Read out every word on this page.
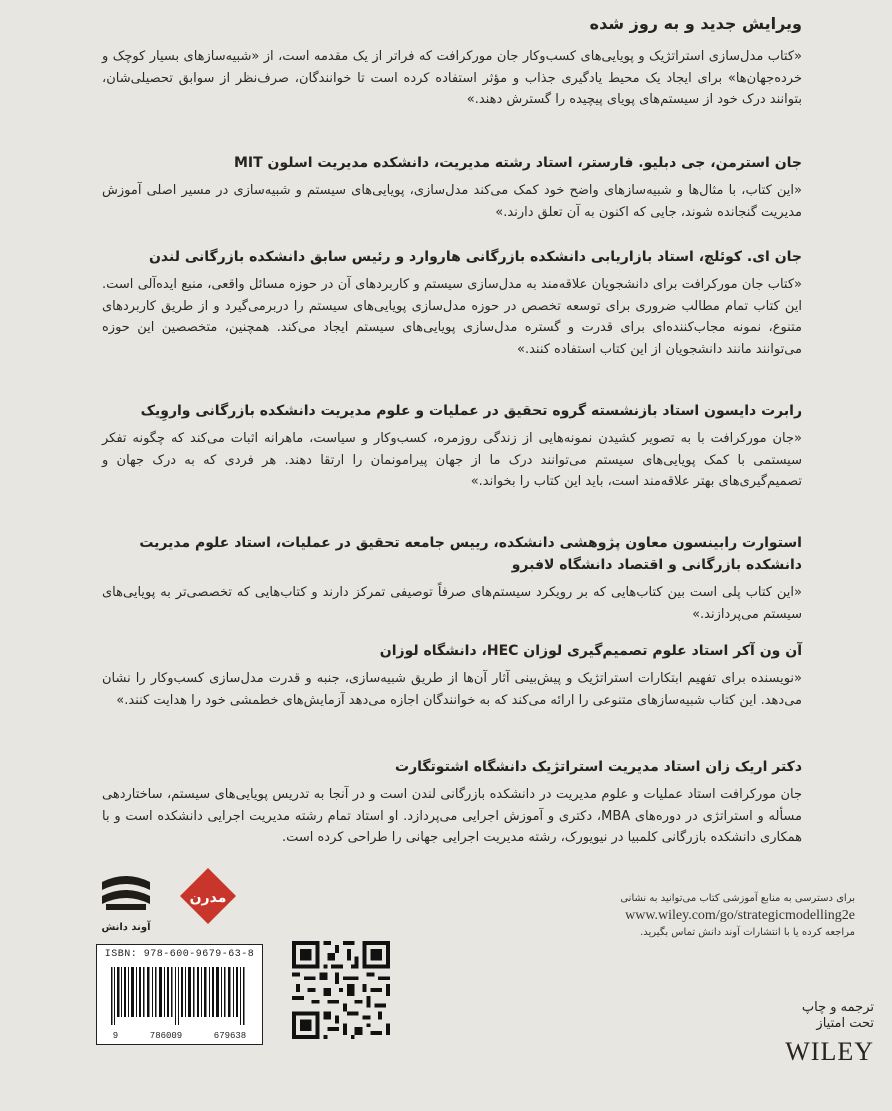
ویرایش جدید و به روز شده

«کتاب مدل‌سازی استراتژیک و پویایی‌های کسب‌وکار جان مورکرافت که فراتر از یک مقدمه است، از «شبیه‌سازهای بسیار کوچک و خرده‌جهان‌ها» برای ایجاد یک محیط یادگیری جذاب و مؤثر استفاده کرده است تا خوانندگان، صرف‌نظر از سوابق تحصیلی‌شان، بتوانند درک خود از سیستم‌های پویای پیچیده را گسترش دهند.»

جان استرمن، جی دبلیو. فارستر، استاد رشته مدیریت، دانشکده مدیریت اسلون MIT

«این کتاب، با مثال‌ها و شبیه‌سازهای واضح خود کمک می‌کند مدل‌سازی، پویایی‌های سیستم و شبیه‌سازی در مسیر اصلی آموزش مدیریت گنجانده شوند، جایی که اکنون به آن تعلق دارند.»

جان ای. کوئلچ، استاد بازاریابی دانشکده بازرگانی هاروارد و رئیس سابق دانشکده بازرگانی لندن

«کتاب جان مورکرافت برای دانشجویان علاقه‌مند به مدل‌سازی سیستم و کاربردهای آن در حوزه مسائل واقعی، منبع ایده‌آلی است. این کتاب تمام مطالب ضروری برای توسعه تخصص در حوزه مدل‌سازی پویایی‌های سیستم را دربرمی‌گیرد و از طریق کاربردهای متنوع، نمونه مجاب‌کننده‌ای برای قدرت و گستره مدل‌سازی پویایی‌های سیستم ایجاد می‌کند. همچنین، متخصصین این حوزه می‌توانند مانند دانشجویان از این کتاب استفاده کنند.»

رابرت دایسون استاد بازنشسته گروه تحقیق در عملیات و علوم مدیریت دانشکده بازرگانی واروِیک

«جان مورکرافت با به تصویر کشیدن نمونه‌هایی از زندگی روزمره، کسب‌وکار و سیاست، ماهرانه اثبات می‌کند که چگونه تفکر سیستمی با کمک پویایی‌های سیستم می‌توانند درک ما از جهان پیرامونمان را ارتقا دهند. هر فردی که به درک جهان و تصمیم‌گیری‌های بهتر علاقه‌مند است، باید این کتاب را بخواند.»

استوارت رابینسون معاون پژوهشی دانشکده، رییس جامعه تحقیق در عملیات، استاد علوم مدیریت دانشکده بازرگانی و اقتصاد دانشگاه لافبرو

«این کتاب پلی است بین کتاب‌هایی که بر رویکرد سیستم‌های صرفاً توصیفی تمرکز دارند و کتاب‌هایی که تخصصی‌تر به پویایی‌های سیستم می‌پردازند.»

آن ون آکر استاد علوم تصمیم‌گیری لوزان HEC، دانشگاه لوزان

«نویسنده برای تفهیم ابتکارات استراتژیک و پیش‌بینی آثار آن‌ها از طریق شبیه‌سازی، جنبه و قدرت مدل‌سازی کسب‌وکار را نشان می‌دهد. این کتاب شبیه‌سازهای متنوعی را ارائه می‌کند که به خوانندگان اجازه می‌دهد آزمایش‌های خطمشی خود را هدایت کنند.»

دکتر اریک زان استاد مدیریت استراتژیک دانشگاه اشتوتگارت

جان مورکرافت استاد عملیات و علوم مدیریت در دانشکده بازرگانی لندن است و در آنجا به تدریس پویایی‌های سیستم، ساختاردهی مسأله و استراتژی در دوره‌های MBA، دکتری و آموزش اجرایی می‌پردازد. او استاد تمام رشته مدیریت اجرایی دانشکده است و با همکاری دانشکده بازرگانی کلمبیا در نیویورک، رشته مدیریت اجرایی جهانی را طراحی کرده است.

آوند دانش
مدرن	برای دسترسی به منابع آموزشی کتاب می‌توانید به نشانی
www.wiley.com/go/strategicmodelling2e
مراجعه کرده یا با انتشارات آوند دانش تماس بگیرید.
ISBN: 978-600-9679-63-8
9	786009	679638
ترجمه و چاپ
تحت امتیاز
WILEY
